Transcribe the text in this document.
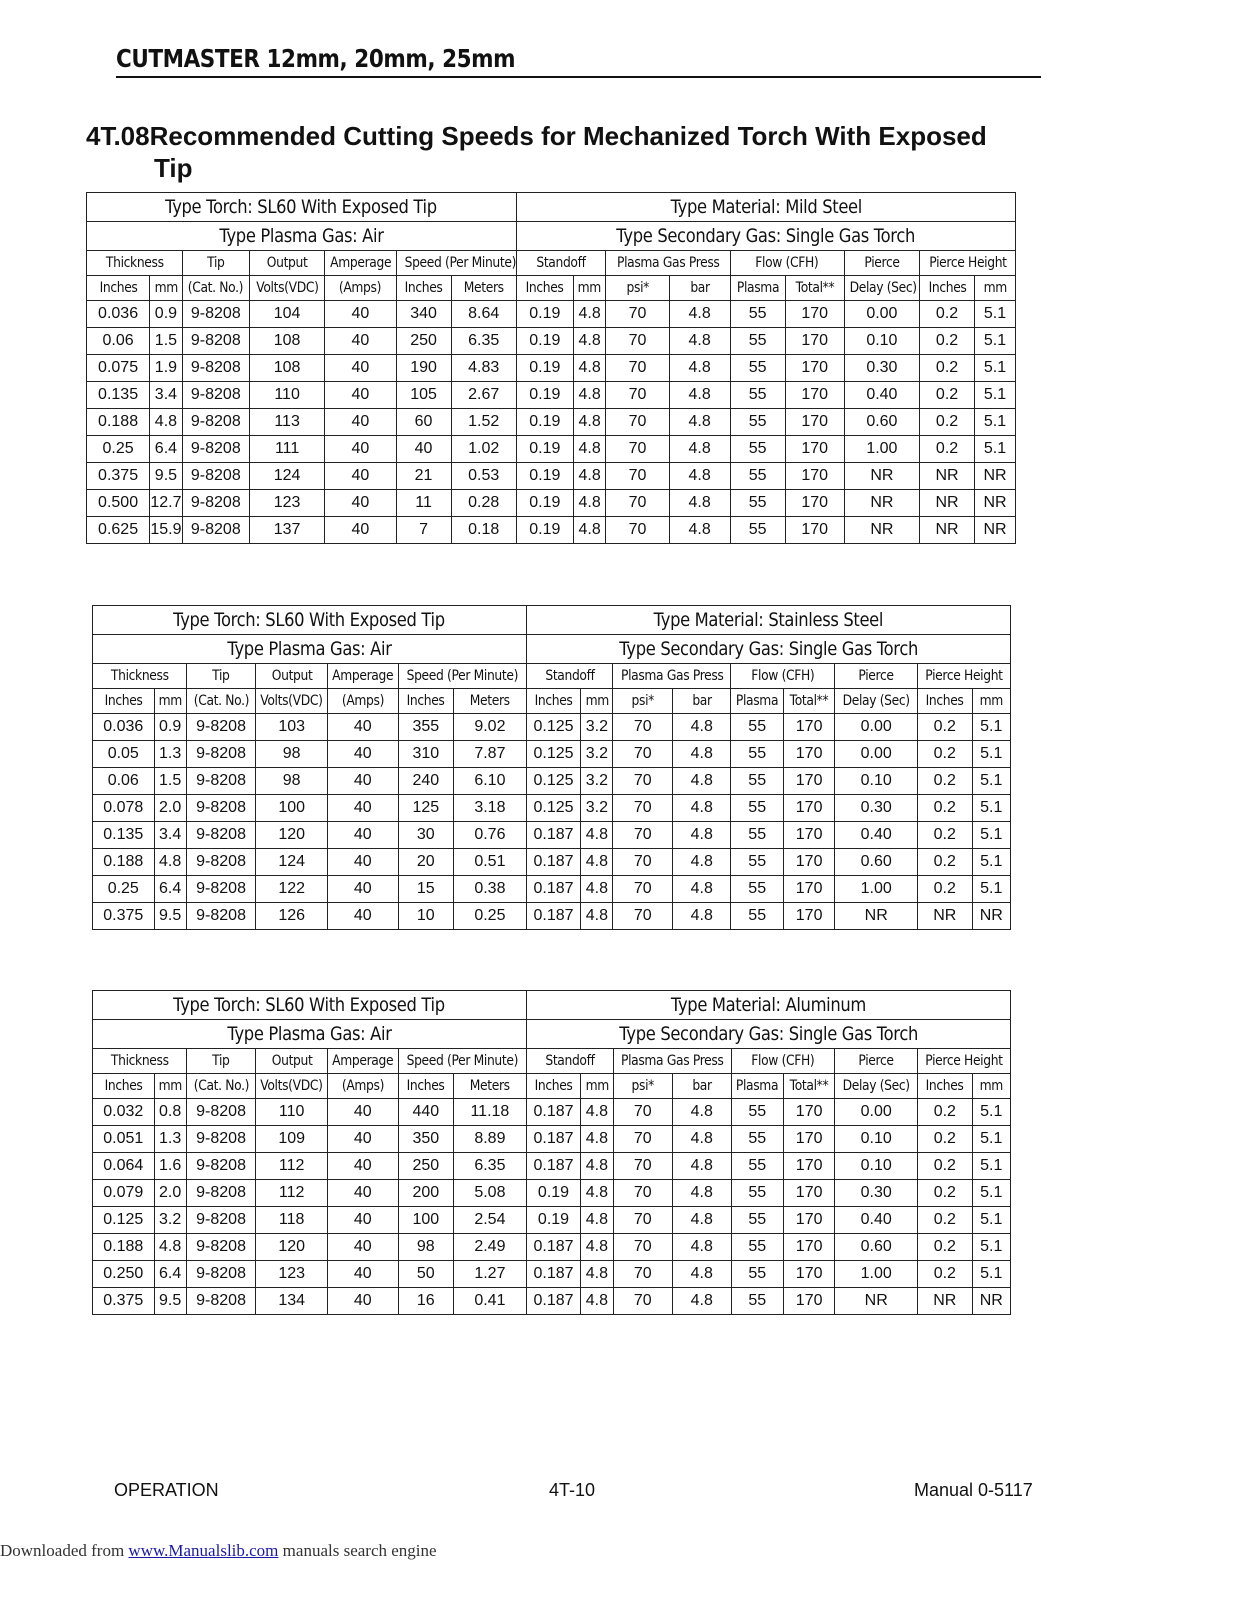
CUTMASTER 12mm, 20mm, 25mm
4T.08Recommended Cutting Speeds for Mechanized Torch With Exposed
Tip
Type Torch: SL60 With Exposed Tip							Type Material: Mild Steel								
Type Plasma Gas: Air							Type Secondary Gas: Single Gas Torch								
Thickness		Tip	Output	Amperage	Speed (Per Minute)		Standoff		Plasma Gas Press		Flow (CFH)		Pierce	Pierce Height	
Inches	mm	(Cat. No.)	Volts(VDC)	(Amps)	Inches	Meters	Inches	mm	psi*	bar	Plasma	Total**	Delay (Sec)	Inches	mm
0.036	0.9	9-8208	104	40	340	8.64	0.19	4.8	70	4.8	55	170	0.00	0.2	5.1
0.06	1.5	9-8208	108	40	250	6.35	0.19	4.8	70	4.8	55	170	0.10	0.2	5.1
0.075	1.9	9-8208	108	40	190	4.83	0.19	4.8	70	4.8	55	170	0.30	0.2	5.1
0.135	3.4	9-8208	110	40	105	2.67	0.19	4.8	70	4.8	55	170	0.40	0.2	5.1
0.188	4.8	9-8208	113	40	60	1.52	0.19	4.8	70	4.8	55	170	0.60	0.2	5.1
0.25	6.4	9-8208	111	40	40	1.02	0.19	4.8	70	4.8	55	170	1.00	0.2	5.1
0.375	9.5	9-8208	124	40	21	0.53	0.19	4.8	70	4.8	55	170	NR	NR	NR
0.500	12.7	9-8208	123	40	11	0.28	0.19	4.8	70	4.8	55	170	NR	NR	NR
0.625	15.9	9-8208	137	40	7	0.18	0.19	4.8	70	4.8	55	170	NR	NR	NR
Type Torch: SL60 With Exposed Tip							Type Material: Stainless Steel								
Type Plasma Gas: Air							Type Secondary Gas: Single Gas Torch								
Thickness		Tip	Output	Amperage	Speed (Per Minute)		Standoff		Plasma Gas Press		Flow (CFH)		Pierce	Pierce Height	
Inches	mm	(Cat. No.)	Volts(VDC)	(Amps)	Inches	Meters	Inches	mm	psi*	bar	Plasma	Total**	Delay (Sec)	Inches	mm
0.036	0.9	9-8208	103	40	355	9.02	0.125	3.2	70	4.8	55	170	0.00	0.2	5.1
0.05	1.3	9-8208	98	40	310	7.87	0.125	3.2	70	4.8	55	170	0.00	0.2	5.1
0.06	1.5	9-8208	98	40	240	6.10	0.125	3.2	70	4.8	55	170	0.10	0.2	5.1
0.078	2.0	9-8208	100	40	125	3.18	0.125	3.2	70	4.8	55	170	0.30	0.2	5.1
0.135	3.4	9-8208	120	40	30	0.76	0.187	4.8	70	4.8	55	170	0.40	0.2	5.1
0.188	4.8	9-8208	124	40	20	0.51	0.187	4.8	70	4.8	55	170	0.60	0.2	5.1
0.25	6.4	9-8208	122	40	15	0.38	0.187	4.8	70	4.8	55	170	1.00	0.2	5.1
0.375	9.5	9-8208	126	40	10	0.25	0.187	4.8	70	4.8	55	170	NR	NR	NR
Type Torch: SL60 With Exposed Tip							Type Material: Aluminum								
Type Plasma Gas: Air							Type Secondary Gas: Single Gas Torch								
Thickness		Tip	Output	Amperage	Speed (Per Minute)		Standoff		Plasma Gas Press		Flow (CFH)		Pierce	Pierce Height	
Inches	mm	(Cat. No.)	Volts(VDC)	(Amps)	Inches	Meters	Inches	mm	psi*	bar	Plasma	Total**	Delay (Sec)	Inches	mm
0.032	0.8	9-8208	110	40	440	11.18	0.187	4.8	70	4.8	55	170	0.00	0.2	5.1
0.051	1.3	9-8208	109	40	350	8.89	0.187	4.8	70	4.8	55	170	0.10	0.2	5.1
0.064	1.6	9-8208	112	40	250	6.35	0.187	4.8	70	4.8	55	170	0.10	0.2	5.1
0.079	2.0	9-8208	112	40	200	5.08	0.19	4.8	70	4.8	55	170	0.30	0.2	5.1
0.125	3.2	9-8208	118	40	100	2.54	0.19	4.8	70	4.8	55	170	0.40	0.2	5.1
0.188	4.8	9-8208	120	40	98	2.49	0.187	4.8	70	4.8	55	170	0.60	0.2	5.1
0.250	6.4	9-8208	123	40	50	1.27	0.187	4.8	70	4.8	55	170	1.00	0.2	5.1
0.375	9.5	9-8208	134	40	16	0.41	0.187	4.8	70	4.8	55	170	NR	NR	NR
OPERATION	4T-10	Manual 0-5117
Downloaded from www.Manualslib.com manuals search engine
